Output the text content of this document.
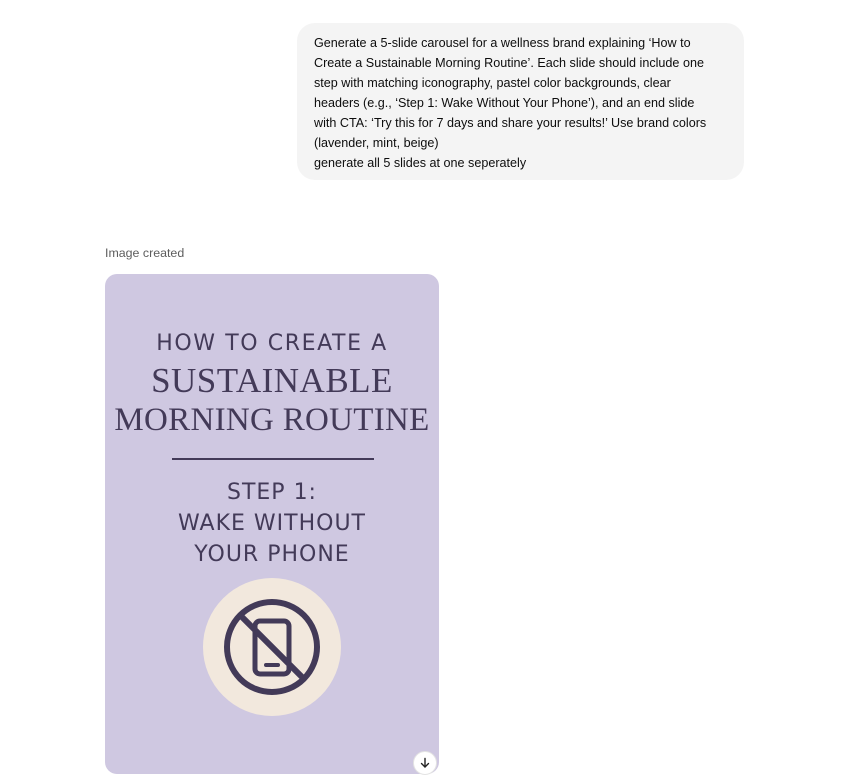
Generate a 5-slide carousel for a wellness brand explaining ‘How to
Create a Sustainable Morning Routine’. Each slide should include one
step with matching iconography, pastel color backgrounds, clear
headers (e.g., ‘Step 1: Wake Without Your Phone’), and an end slide
with CTA: ‘Try this for 7 days and share your results!’ Use brand colors
(lavender, mint, beige)
generate all 5 slides at one seperately
Image created
HOW TO CREATE A
SUSTAINABLE
MORNING ROUTINE
STEP 1:
WAKE WITHOUT
YOUR PHONE
